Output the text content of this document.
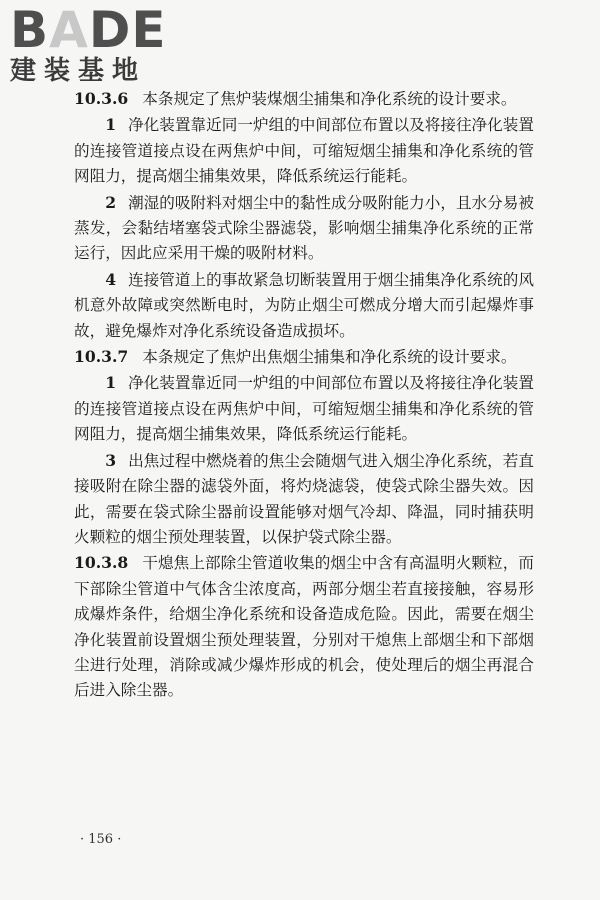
BADE
建装基地

10.3.6 本条规定了焦炉装煤烟尘捕集和净化系统的设计要求。

1 净化装置靠近同一炉组的中间部位布置以及将接往净化装置的连接管道接点设在两焦炉中间，可缩短烟尘捕集和净化系统的管网阻力，提高烟尘捕集效果，降低系统运行能耗。

2 潮湿的吸附料对烟尘中的黏性成分吸附能力小，且水分易被蒸发，会黏结堵塞袋式除尘器滤袋，影响烟尘捕集净化系统的正常运行，因此应采用干燥的吸附材料。

4 连接管道上的事故紧急切断装置用于烟尘捕集净化系统的风机意外故障或突然断电时，为防止烟尘可燃成分增大而引起爆炸事故，避免爆炸对净化系统设备造成损坏。

10.3.7 本条规定了焦炉出焦烟尘捕集和净化系统的设计要求。

1 净化装置靠近同一炉组的中间部位布置以及将接往净化装置的连接管道接点设在两焦炉中间，可缩短烟尘捕集和净化系统的管网阻力，提高烟尘捕集效果，降低系统运行能耗。

3 出焦过程中燃烧着的焦尘会随烟气进入烟尘净化系统，若直接吸附在除尘器的滤袋外面，将灼烧滤袋，使袋式除尘器失效。因此，需要在袋式除尘器前设置能够对烟气冷却、降温，同时捕获明火颗粒的烟尘预处理装置，以保护袋式除尘器。

10.3.8 干熄焦上部除尘管道收集的烟尘中含有高温明火颗粒，而下部除尘管道中气体含尘浓度高，两部分烟尘若直接接触，容易形成爆炸条件，给烟尘净化系统和设备造成危险。因此，需要在烟尘净化装置前设置烟尘预处理装置，分别对干熄焦上部烟尘和下部烟尘进行处理，消除或减少爆炸形成的机会，使处理后的烟尘再混合后进入除尘器。

· 156 ·
